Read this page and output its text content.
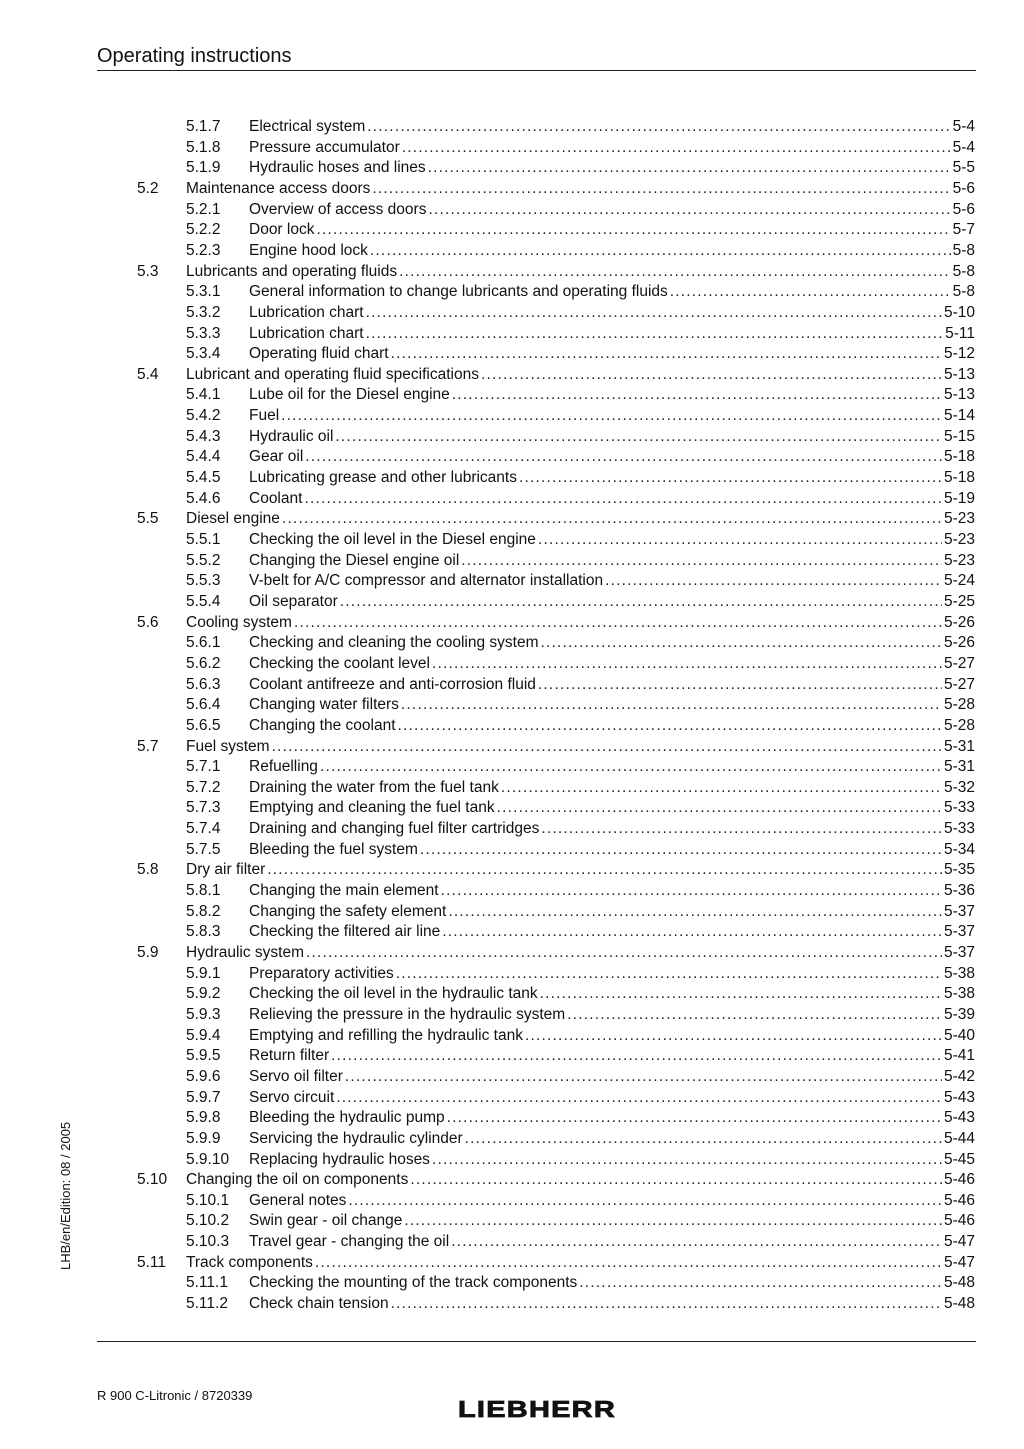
Operating instructions
5.1.7 Electrical system .....	5-4
5.1.8 Pressure accumulator .....	5-4
5.1.9 Hydraulic hoses and lines .....	5-5
5.2 Maintenance access doors .....	5-6
5.2.1 Overview of access doors .....	5-6
5.2.2 Door lock .....	5-7
5.2.3 Engine hood lock .....	5-8
5.3 Lubricants and operating fluids .....	5-8
5.3.1 General information to change lubricants and operating fluids .....	5-8
5.3.2 Lubrication chart .....	5-10
5.3.3 Lubrication chart .....	5-11
5.3.4 Operating fluid chart .....	5-12
5.4 Lubricant and operating fluid specifications .....	5-13
5.4.1 Lube oil for the Diesel engine .....	5-13
5.4.2 Fuel .....	5-14
5.4.3 Hydraulic oil .....	5-15
5.4.4 Gear oil .....	5-18
5.4.5 Lubricating grease and other lubricants .....	5-18
5.4.6 Coolant .....	5-19
5.5 Diesel engine .....	5-23
5.5.1 Checking the oil level in the Diesel engine .....	5-23
5.5.2 Changing the Diesel engine oil .....	5-23
5.5.3 V-belt for A/C compressor and alternator installation .....	5-24
5.5.4 Oil separator .....	5-25
5.6 Cooling system .....	5-26
5.6.1 Checking and cleaning the cooling system .....	5-26
5.6.2 Checking the coolant level .....	5-27
5.6.3 Coolant antifreeze and anti-corrosion fluid .....	5-27
5.6.4 Changing water filters .....	5-28
5.6.5 Changing the coolant .....	5-28
5.7 Fuel system .....	5-31
5.7.1 Refuelling .....	5-31
5.7.2 Draining the water from the fuel tank .....	5-32
5.7.3 Emptying and cleaning the fuel tank .....	5-33
5.7.4 Draining and changing fuel filter cartridges .....	5-33
5.7.5 Bleeding the fuel system .....	5-34
5.8 Dry air filter .....	5-35
5.8.1 Changing the main element .....	5-36
5.8.2 Changing the safety element .....	5-37
5.8.3 Checking the filtered air line .....	5-37
5.9 Hydraulic system .....	5-37
5.9.1 Preparatory activities .....	5-38
5.9.2 Checking the oil level in the hydraulic tank .....	5-38
5.9.3 Relieving the pressure in the hydraulic system .....	5-39
5.9.4 Emptying and refilling the hydraulic tank .....	5-40
5.9.5 Return filter .....	5-41
5.9.6 Servo oil filter .....	5-42
5.9.7 Servo circuit .....	5-43
5.9.8 Bleeding the hydraulic pump .....	5-43
5.9.9 Servicing the hydraulic cylinder .....	5-44
5.9.10 Replacing hydraulic hoses .....	5-45
5.10 Changing the oil on components .....	5-46
5.10.1 General notes .....	5-46
5.10.2 Swin gear - oil change .....	5-46
5.10.3 Travel gear - changing the oil .....	5-47
5.11 Track components .....	5-47
5.11.1 Checking the mounting of the track components .....	5-48
5.11.2 Check chain tension .....	5-48
LHB/en/Edition: 08 / 2005
R 900 C-Litronic / 8720339
LIEBHERR
